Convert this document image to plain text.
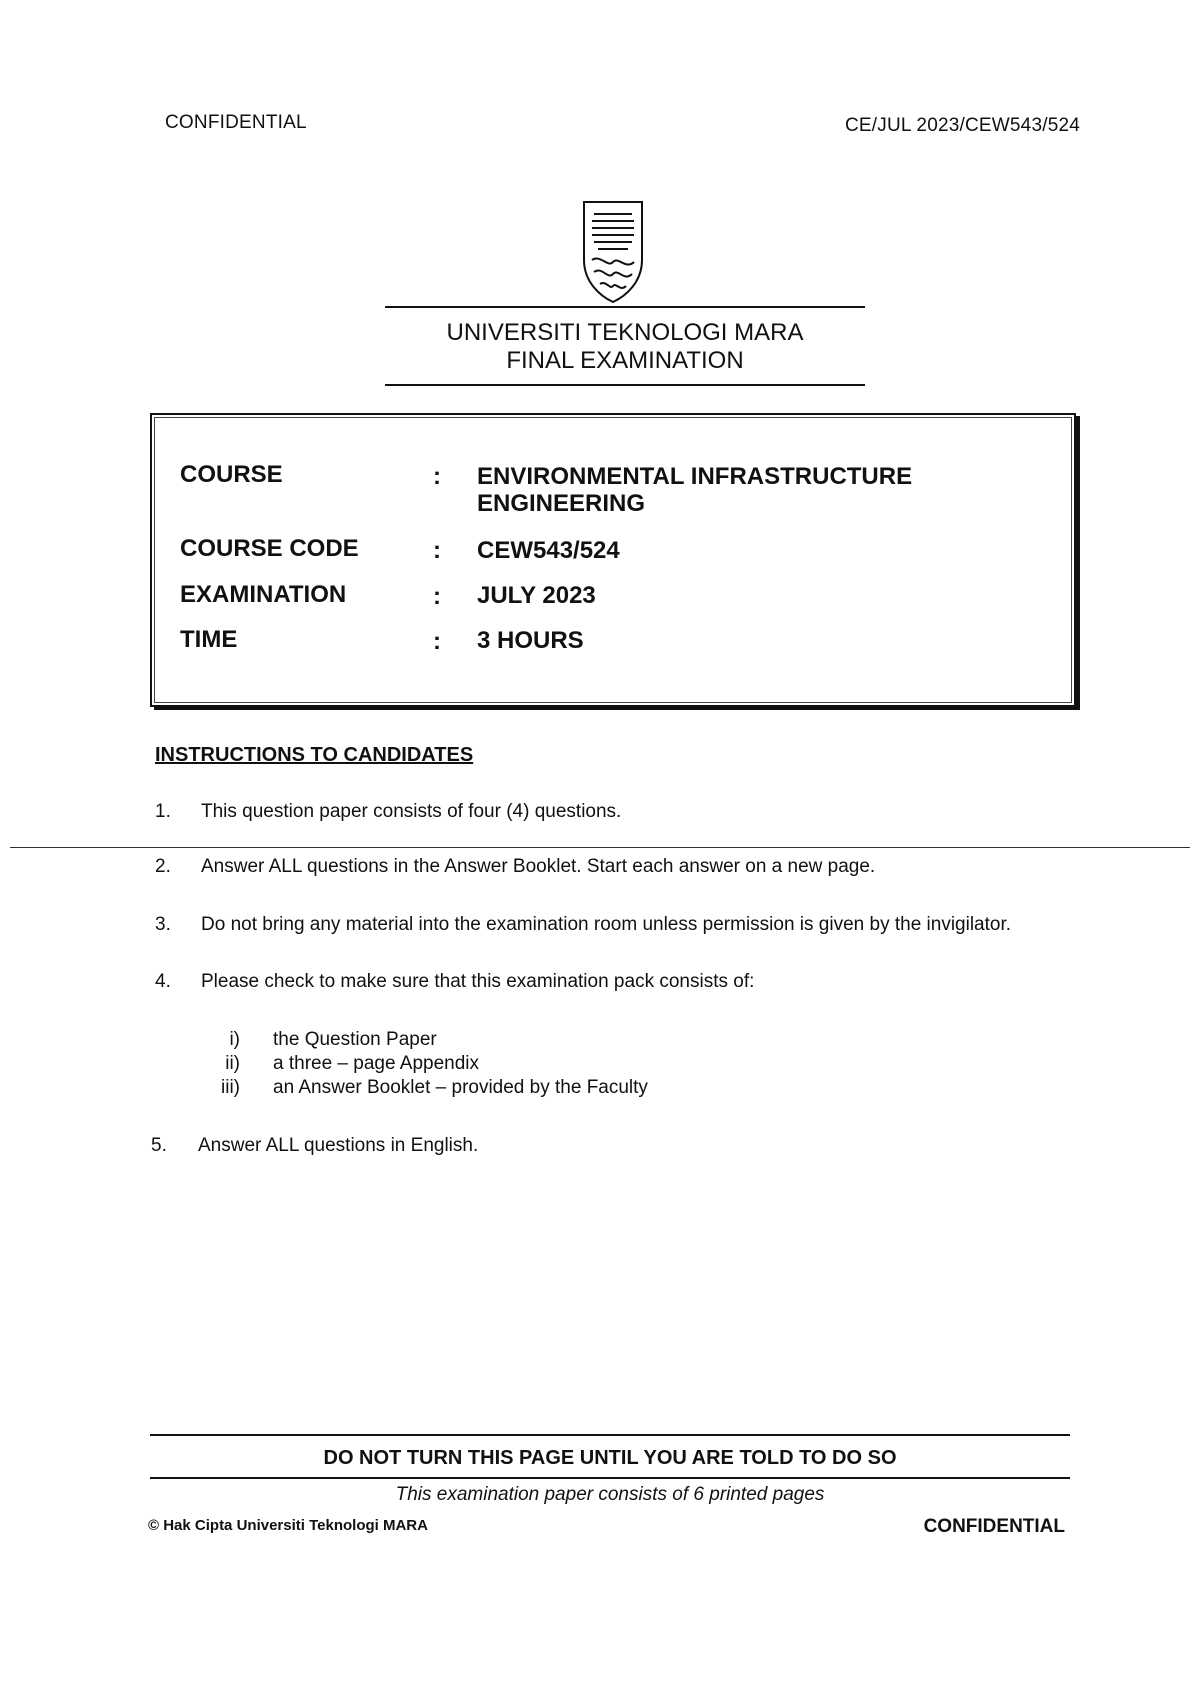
CONFIDENTIAL	CE/JUL 2023/CEW543/524
UNIVERSITI TEKNOLOGI MARA
FINAL EXAMINATION
COURSE	: ENVIRONMENTAL INFRASTRUCTURE
ENGINEERING
COURSE CODE	: CEW543/524
EXAMINATION	: JULY 2023
TIME	: 3 HOURS
INSTRUCTIONS TO CANDIDATES
1. This question paper consists of four (4) questions.
2. Answer ALL questions in the Answer Booklet. Start each answer on a new page.
3. Do not bring any material into the examination room unless permission is given by the invigilator.
4. Please check to make sure that this examination pack consists of:
i) the Question Paper
ii) a three – page Appendix
iii) an Answer Booklet – provided by the Faculty
5. Answer ALL questions in English.
DO NOT TURN THIS PAGE UNTIL YOU ARE TOLD TO DO SO
This examination paper consists of 6 printed pages
© Hak Cipta Universiti Teknologi MARA	CONFIDENTIAL
